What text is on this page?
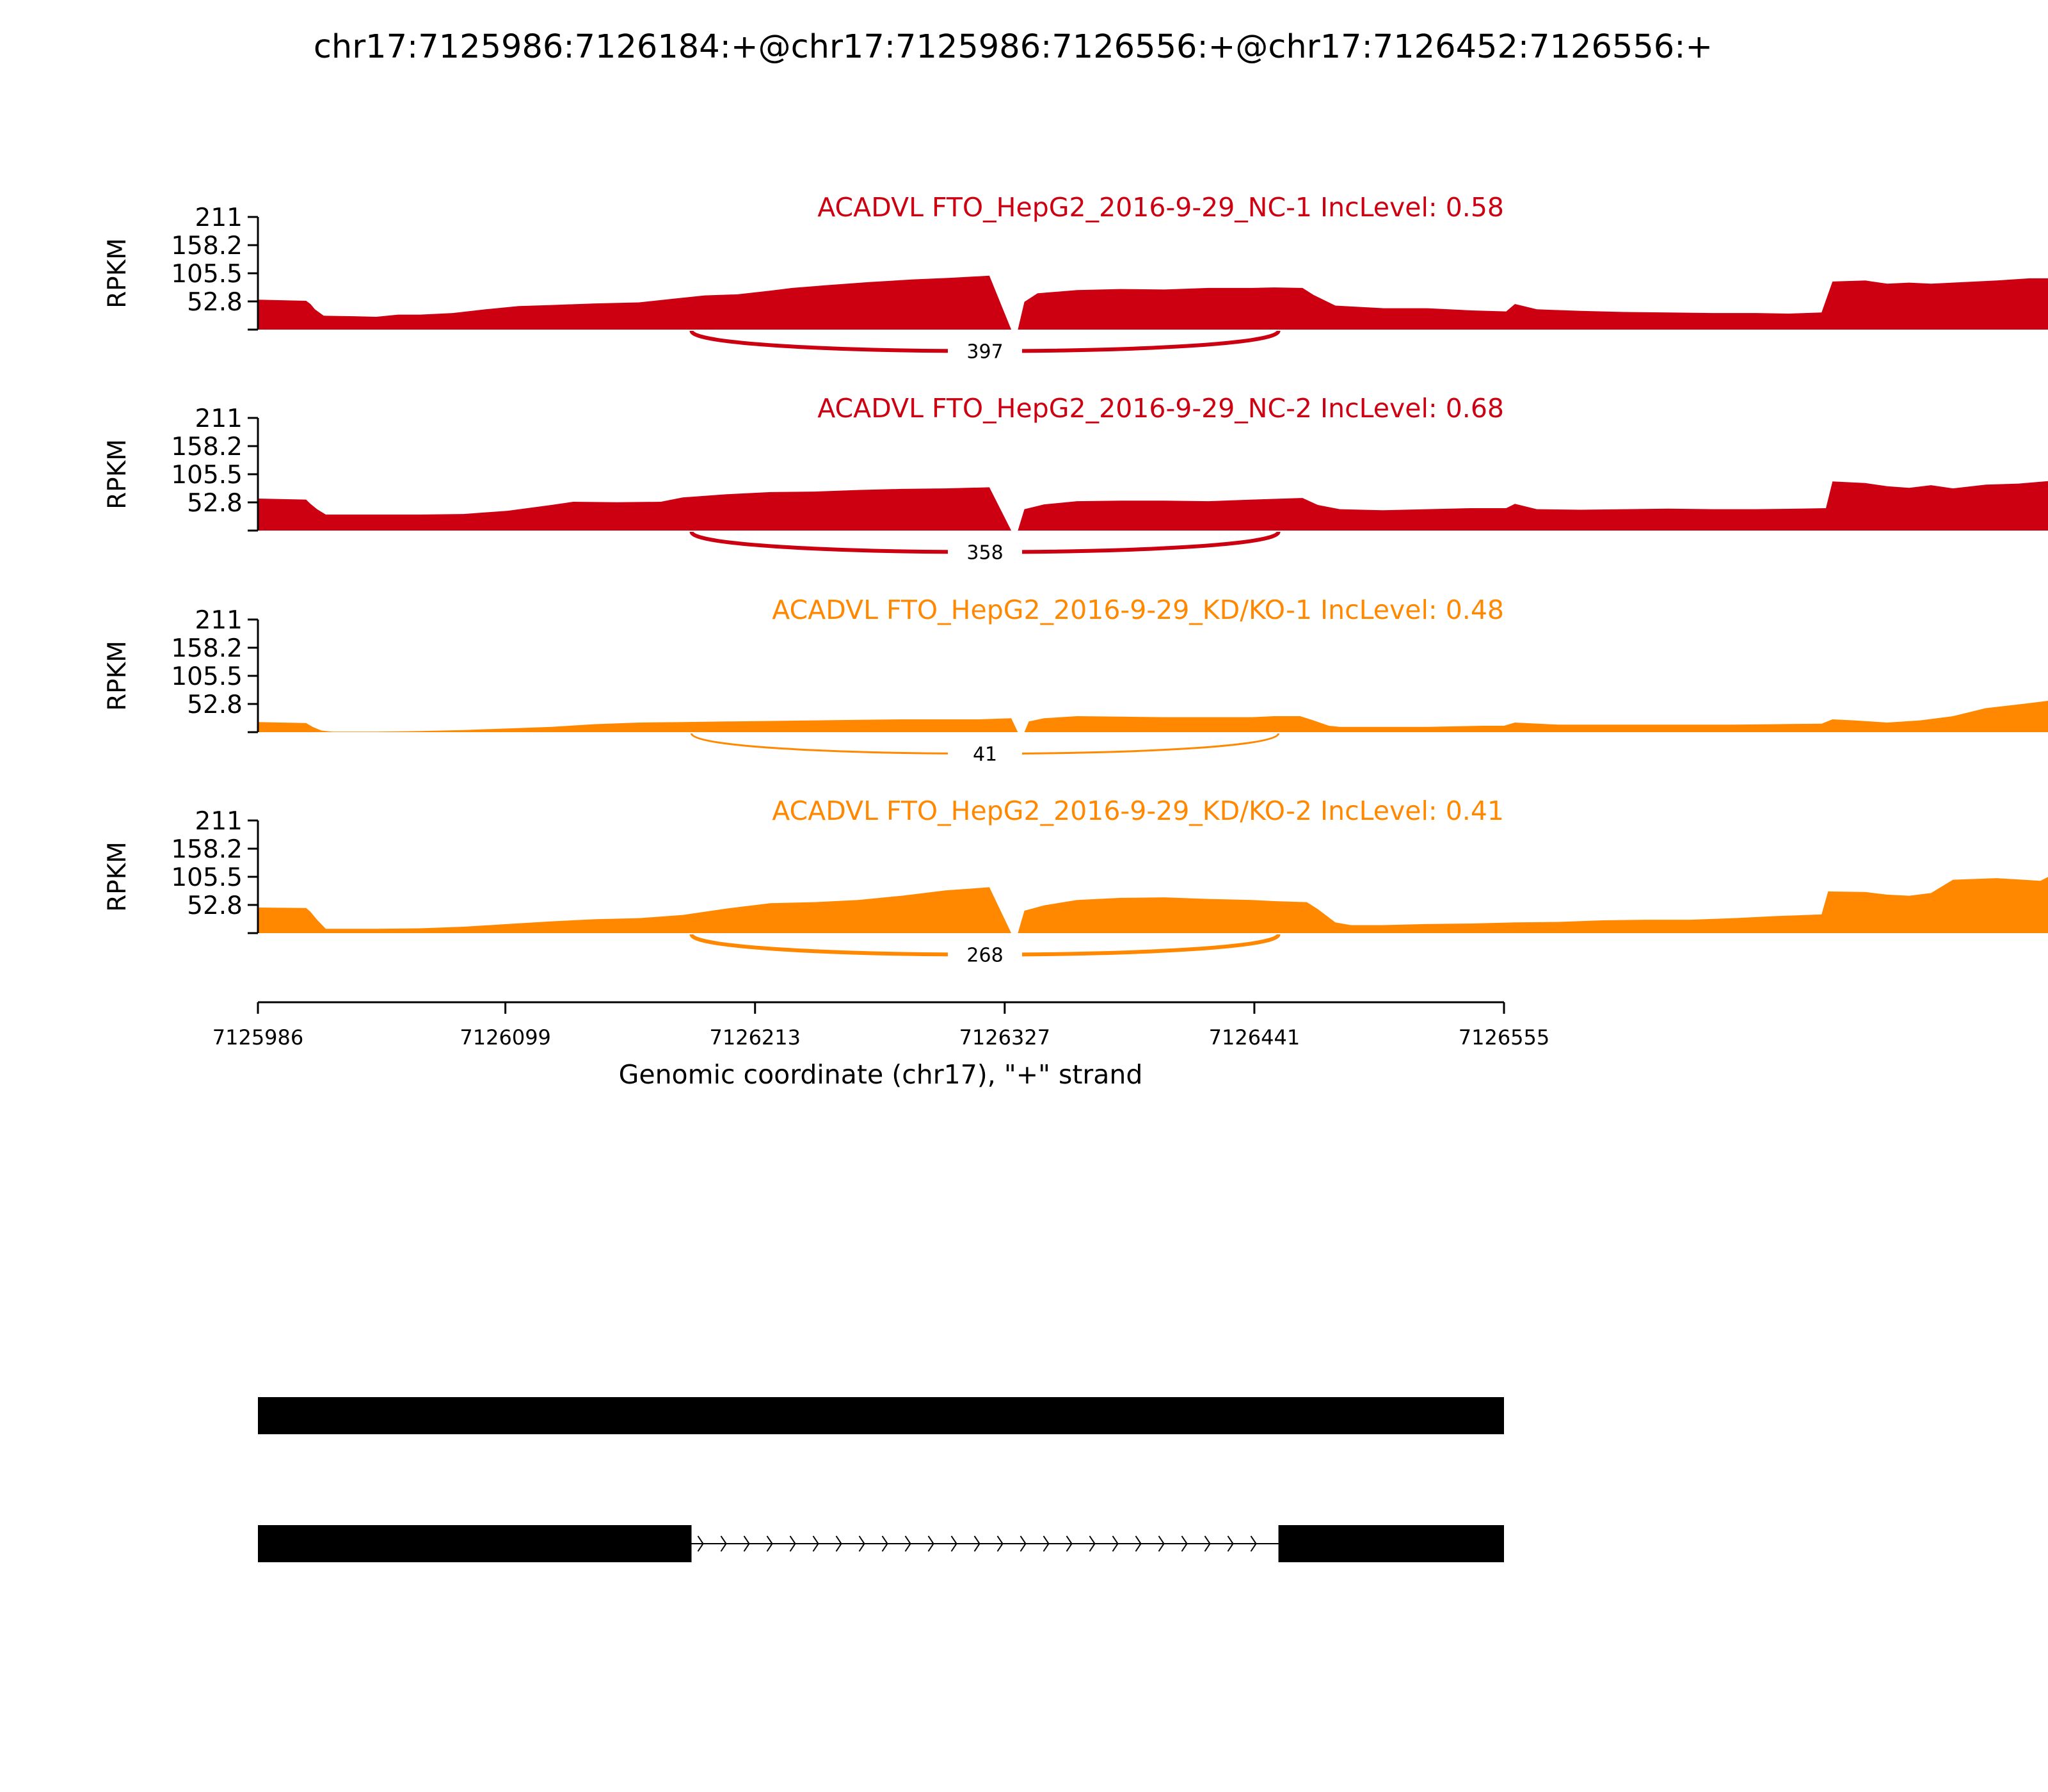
chr17:7125986:7126184:+@chr17:7125986:7126556:+@chr17:7126452:7126556:+
ACADVL FTO_HepG2_2016-9-29_NC-1 IncLevel: 0.58
211
158.2
105.5
52.8
RPKM
397
ACADVL FTO_HepG2_2016-9-29_NC-2 IncLevel: 0.68
211
158.2
105.5
52.8
RPKM
358
ACADVL FTO_HepG2_2016-9-29_KD/KO-1 IncLevel: 0.48
211
158.2
105.5
52.8
RPKM
41
ACADVL FTO_HepG2_2016-9-29_KD/KO-2 IncLevel: 0.41
211
158.2
105.5
52.8
RPKM
268
7125986	7126099	7126213	7126327	7126441	7126555
Genomic coordinate (chr17), "+" strand
